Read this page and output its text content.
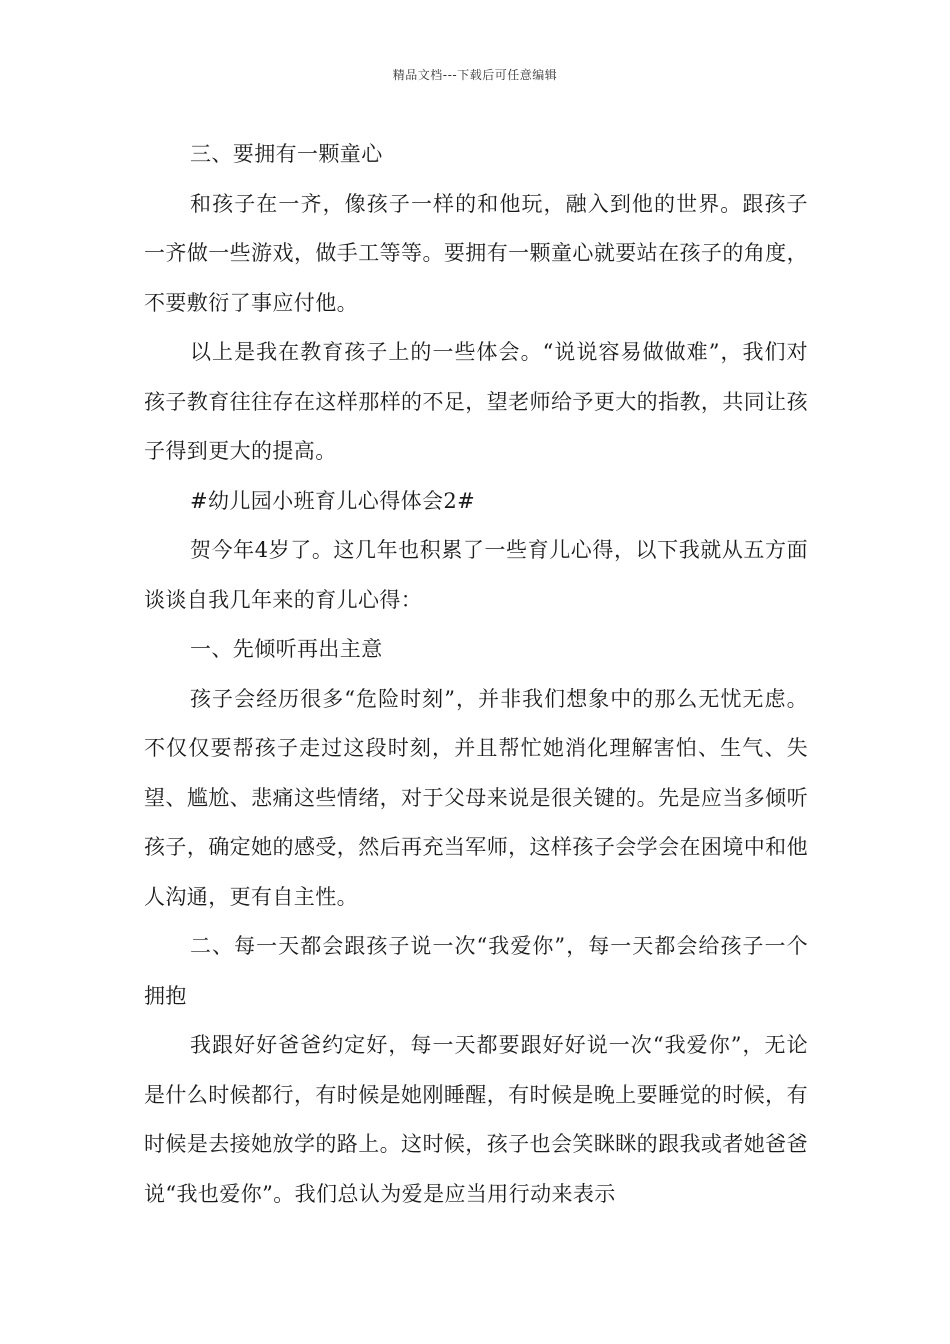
精品文档---下载后可任意编辑

三、要拥有一颗童心

和孩子在一齐，像孩子一样的和他玩，融入到他的世界。跟孩子一齐做一些游戏，做手工等等。要拥有一颗童心就要站在孩子的角度，不要敷衍了事应付他。

以上是我在教育孩子上的一些体会。“说说容易做做难”，我们对孩子教育往往存在这样那样的不足，望老师给予更大的指教，共同让孩子得到更大的提高。

#幼儿园小班育儿心得体会2#

贺今年4岁了。这几年也积累了一些育儿心得，以下我就从五方面谈谈自我几年来的育儿心得：

一、先倾听再出主意

孩子会经历很多“危险时刻”，并非我们想象中的那么无忧无虑。不仅仅要帮孩子走过这段时刻，并且帮忙她消化理解害怕、生气、失望、尴尬、悲痛这些情绪，对于父母来说是很关键的。先是应当多倾听孩子，确定她的感受，然后再充当军师，这样孩子会学会在困境中和他人沟通，更有自主性。

二、每一天都会跟孩子说一次“我爱你”，每一天都会给孩子一个拥抱

我跟好好爸爸约定好，每一天都要跟好好说一次“我爱你”，无论是什么时候都行，有时候是她刚睡醒，有时候是晚上要睡觉的时候，有时候是去接她放学的路上。这时候，孩子也会笑眯眯的跟我或者她爸爸说“我也爱你”。我们总认为爱是应当用行动来表示
